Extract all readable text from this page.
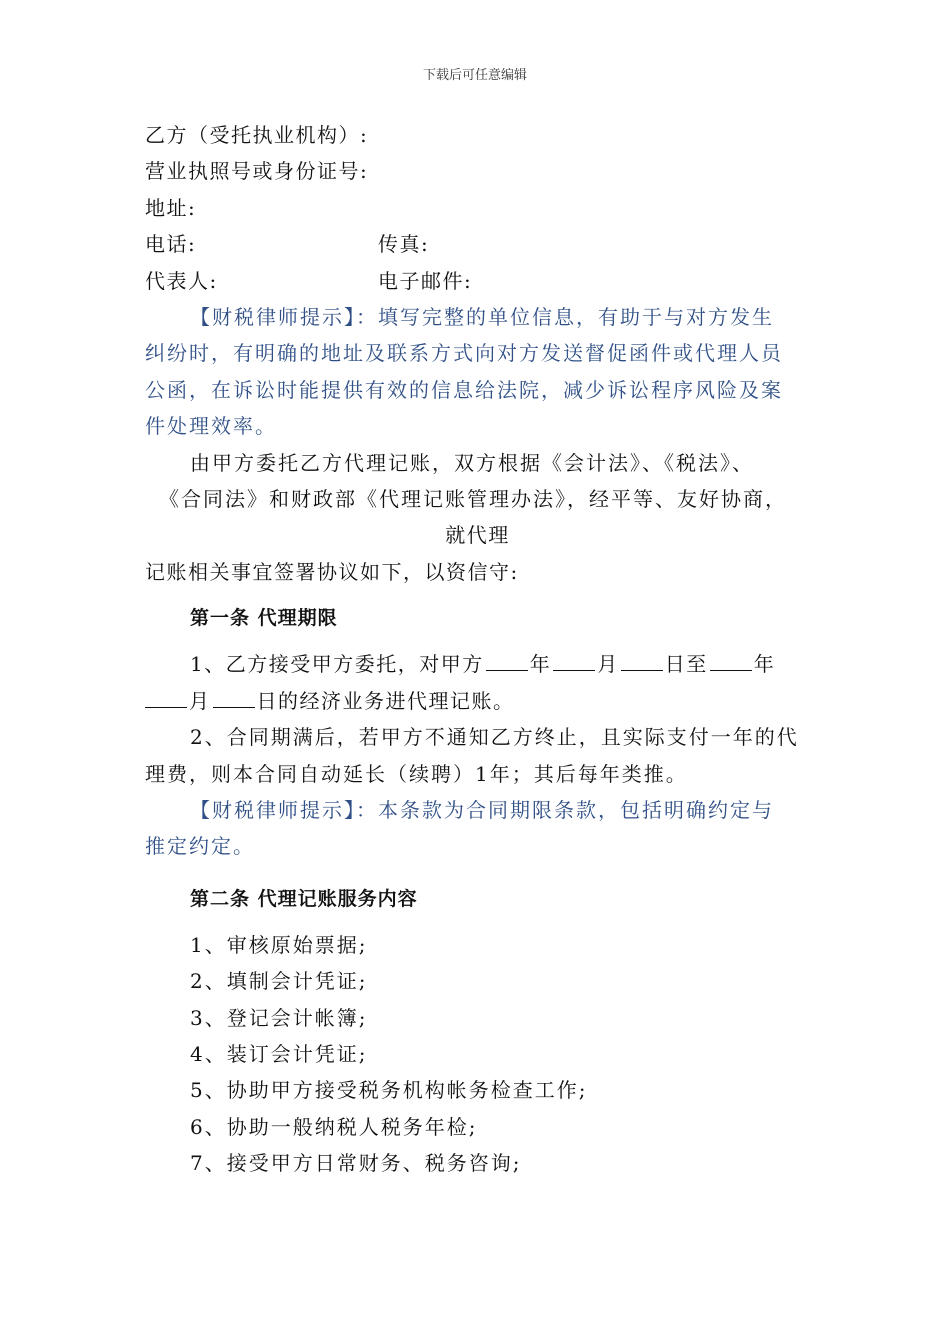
下载后可任意编辑
乙方（受托执业机构）:
营业执照号或身份证号:
地址:
电话:	传真:
代表人:	电子邮件:
【财税律师提示】：填写完整的单位信息，有助于与对方发生
纠纷时，有明确的地址及联系方式向对方发送督促函件或代理人员
公函，在诉讼时能提供有效的信息给法院，减少诉讼程序风险及案
件处理效率。
由甲方委托乙方代理记账，双方根据《会计法》、《税法》、
《合同法》和财政部《代理记账管理办法》，经平等、友好协商，
就代理
记账相关事宜签署协议如下，以资信守:
第一条 代理期限
1、乙方接受甲方委托，对甲方 年 月 日至 年
月 日的经济业务进代理记账。
2、合同期满后，若甲方不通知乙方终止，且实际支付一年的代
理费，则本合同自动延长（续聘）1年；其后每年类推。
【财税律师提示】：本条款为合同期限条款，包括明确约定与
推定约定。
第二条 代理记账服务内容
1、审核原始票据;
2、填制会计凭证;
3、登记会计帐簿;
4、装订会计凭证;
5、协助甲方接受税务机构帐务检查工作;
6、协助一般纳税人税务年检;
7、接受甲方日常财务、税务咨询;
